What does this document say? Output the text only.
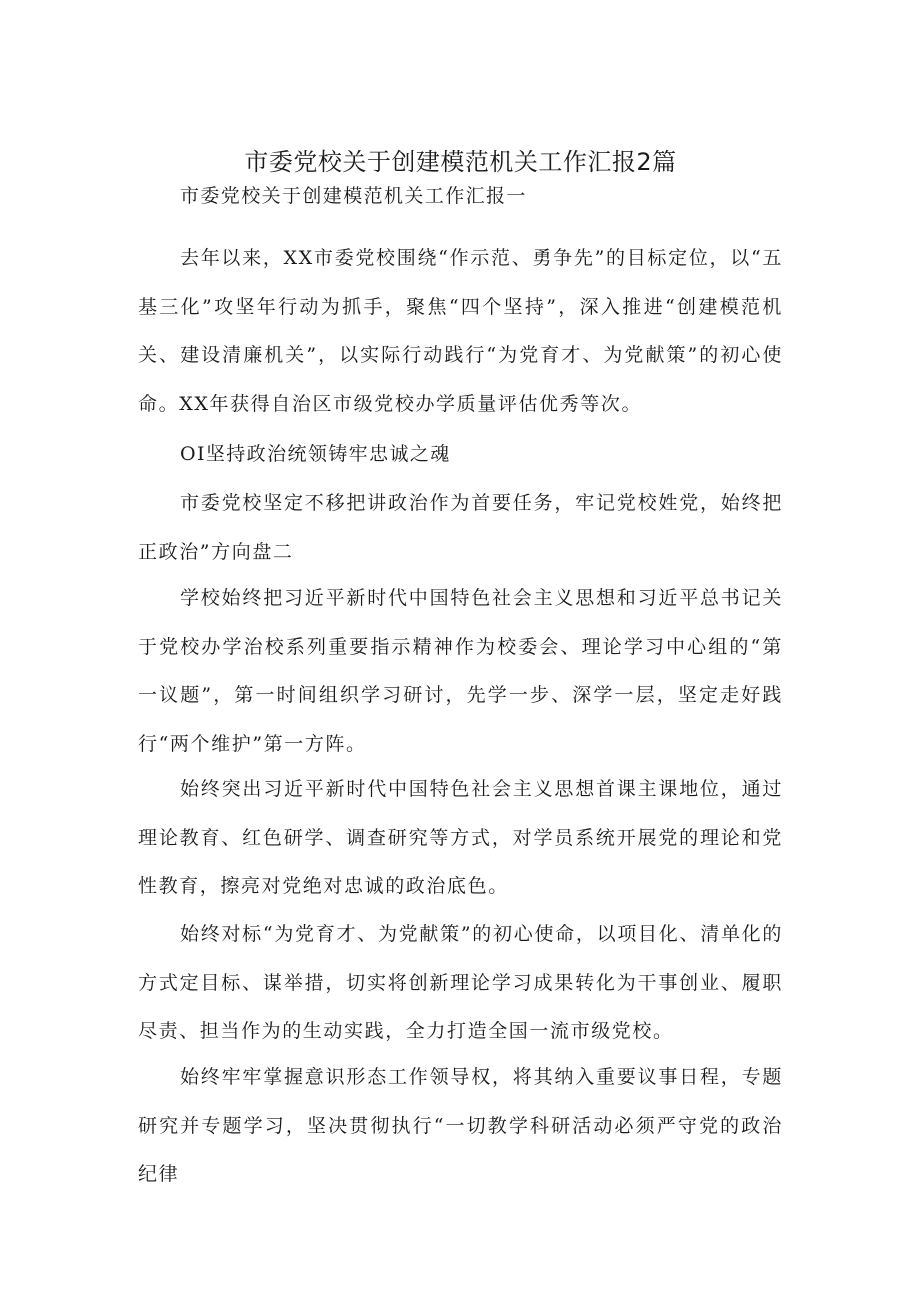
市委党校关于创建模范机关工作汇报2篇

市委党校关于创建模范机关工作汇报一

去年以来，XX市委党校围绕“作示范、勇争先”的目标定位，以“五基三化”攻坚年行动为抓手，聚焦“四个坚持”，深入推进“创建模范机关、建设清廉机关”，以实际行动践行“为党育才、为党献策”的初心使命。XX年获得自治区市级党校办学质量评估优秀等次。

OI坚持政治统领铸牢忠诚之魂

市委党校坚定不移把讲政治作为首要任务，牢记党校姓党，始终把正政治”方向盘二

学校始终把习近平新时代中国特色社会主义思想和习近平总书记关于党校办学治校系列重要指示精神作为校委会、理论学习中心组的“第一议题”，第一时间组织学习研讨，先学一步、深学一层，坚定走好践行“两个维护”第一方阵。

始终突出习近平新时代中国特色社会主义思想首课主课地位，通过理论教育、红色研学、调查研究等方式，对学员系统开展党的理论和党性教育，擦亮对党绝对忠诚的政治底色。

始终对标“为党育才、为党献策”的初心使命，以项目化、清单化的方式定目标、谋举措，切实将创新理论学习成果转化为干事创业、履职尽责、担当作为的生动实践，全力打造全国一流市级党校。

始终牢牢掌握意识形态工作领导权，将其纳入重要议事日程，专题研究并专题学习，坚决贯彻执行“一切教学科研活动必须严守党的政治纪律
